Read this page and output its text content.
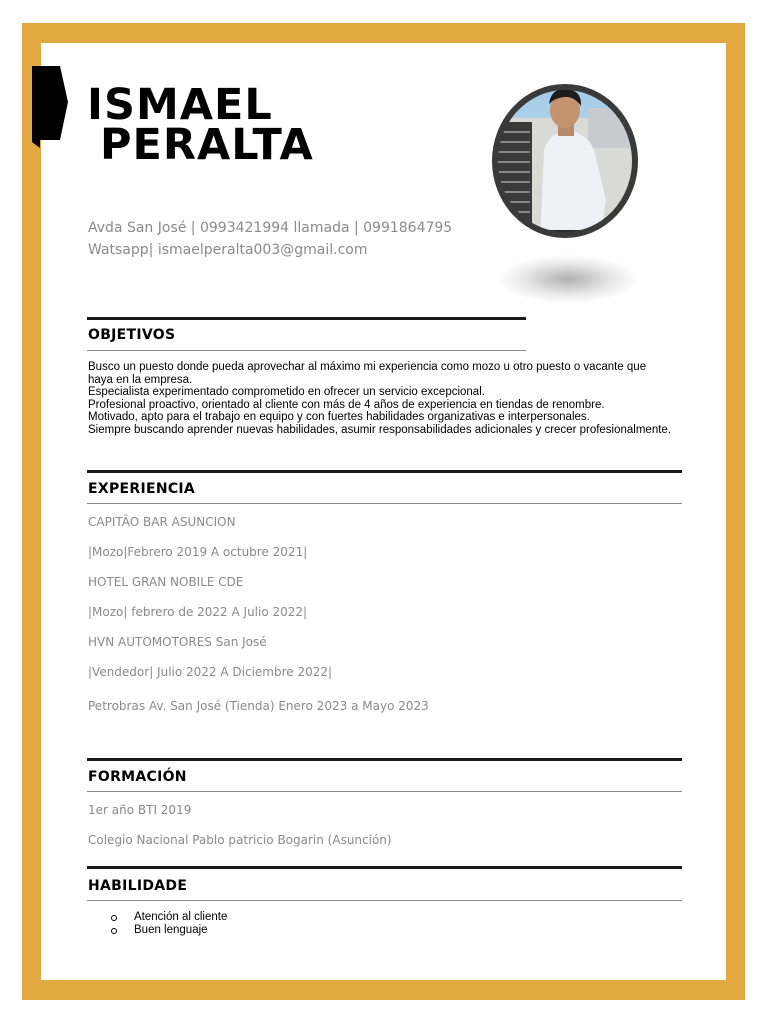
ISMAEL
PERALTA
Avda San José | 0993421994 llamada | 0991864795
Watsapp| ismaelperalta003@gmail.com
OBJETIVOS
Busco un puesto donde pueda aprovechar al máximo mi experiencia como mozo u otro puesto o vacante que
haya en la empresa.
Especialista experimentado comprometido en ofrecer un servicio excepcional.
Profesional proactivo, orientado al cliente con más de 4 años de experiencia en tiendas de renombre.
Motivado, apto para el trabajo en equipo y con fuertes habilidades organizativas e interpersonales.
Siempre buscando aprender nuevas habilidades, asumir responsabilidades adicionales y crecer profesionalmente.
EXPERIENCIA
CAPITÃO BAR ASUNCION
|Mozo|Febrero 2019 A octubre 2021|
HOTEL GRAN NOBILE CDE
|Mozo| febrero de 2022 A Julio 2022|
HVN AUTOMOTORES San José
|Vendedor| Julio 2022 A Diciembre 2022|
Petrobras Av. San José (Tienda) Enero 2023 a Mayo 2023
FORMACIÓN
1er año BTI 2019
Colegio Nacional Pablo patricio Bogarin (Asunción)
HABILIDADE
Atención al cliente
Buen lenguaje
